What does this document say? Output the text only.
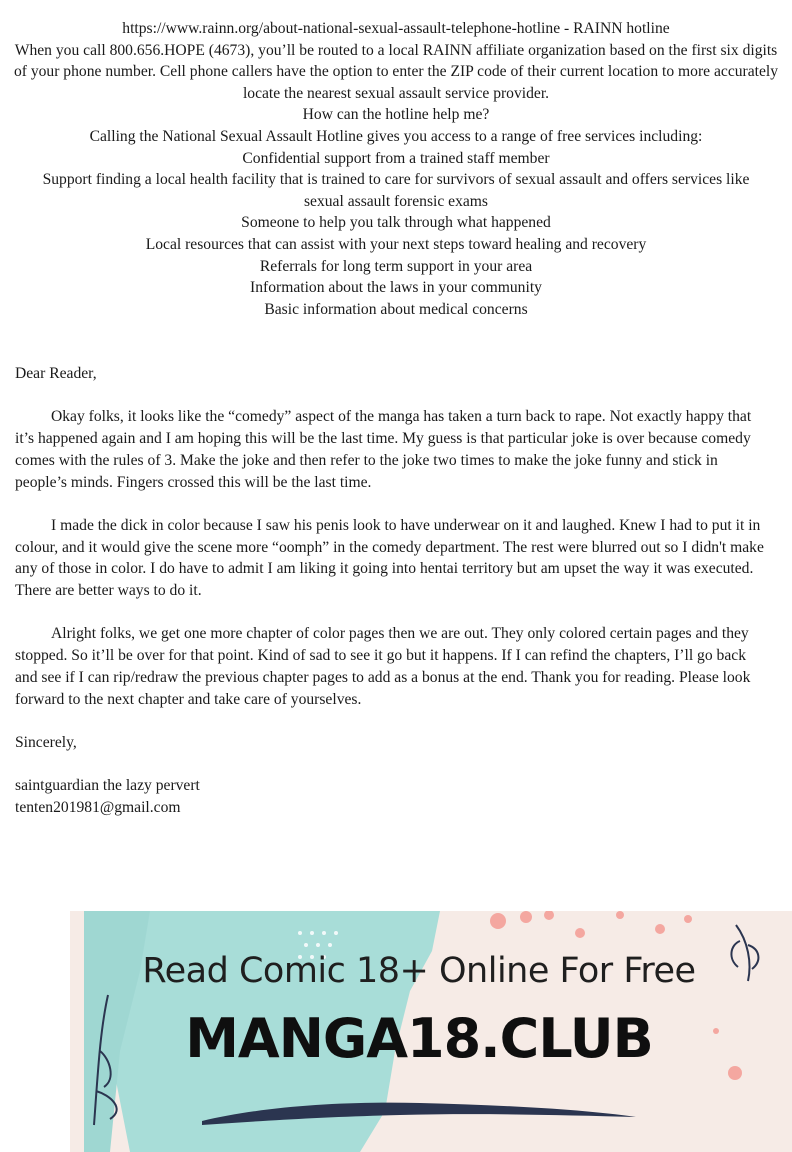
https://www.rainn.org/about-national-sexual-assault-telephone-hotline - RAINN hotline

When you call 800.656.HOPE (4673), you’ll be routed to a local RAINN affiliate organization based on the first six digits of your phone number. Cell phone callers have the option to enter the ZIP code of their current location to more accurately locate the nearest sexual assault service provider.

How can the hotline help me?

Calling the National Sexual Assault Hotline gives you access to a range of free services including:

Confidential support from a trained staff member

Support finding a local health facility that is trained to care for survivors of sexual assault and offers services like sexual assault forensic exams

Someone to help you talk through what happened

Local resources that can assist with your next steps toward healing and recovery

Referrals for long term support in your area

Information about the laws in your community

Basic information about medical concerns

Dear Reader,

Okay folks, it looks like the “comedy” aspect of the manga has taken a turn back to rape. Not exactly happy that it’s happened again and I am hoping this will be the last time. My guess is that particular joke is over because comedy comes with the rules of 3. Make the joke and then refer to the joke two times to make the joke funny and stick in people’s minds. Fingers crossed this will be the last time.

I made the dick in color because I saw his penis look to have underwear on it and laughed. Knew I had to put it in colour, and it would give the scene more “oomph” in the comedy department. The rest were blurred out so I didn't make any of those in color. I do have to admit I am liking it going into hentai territory but am upset the way it was executed. There are better ways to do it.

Alright folks, we get one more chapter of color pages then we are out. They only colored certain pages and they stopped. So it’ll be over for that point. Kind of sad to see it go but it happens. If I can refind the chapters, I’ll go back and see if I can rip/redraw the previous chapter pages to add as a bonus at the end. Thank you for reading. Please look forward to the next chapter and take care of yourselves.

Sincerely,

saintguardian the lazy pervert

tenten201981@gmail.com

Read Comic 18+ Online For Free
MANGA18.CLUB
